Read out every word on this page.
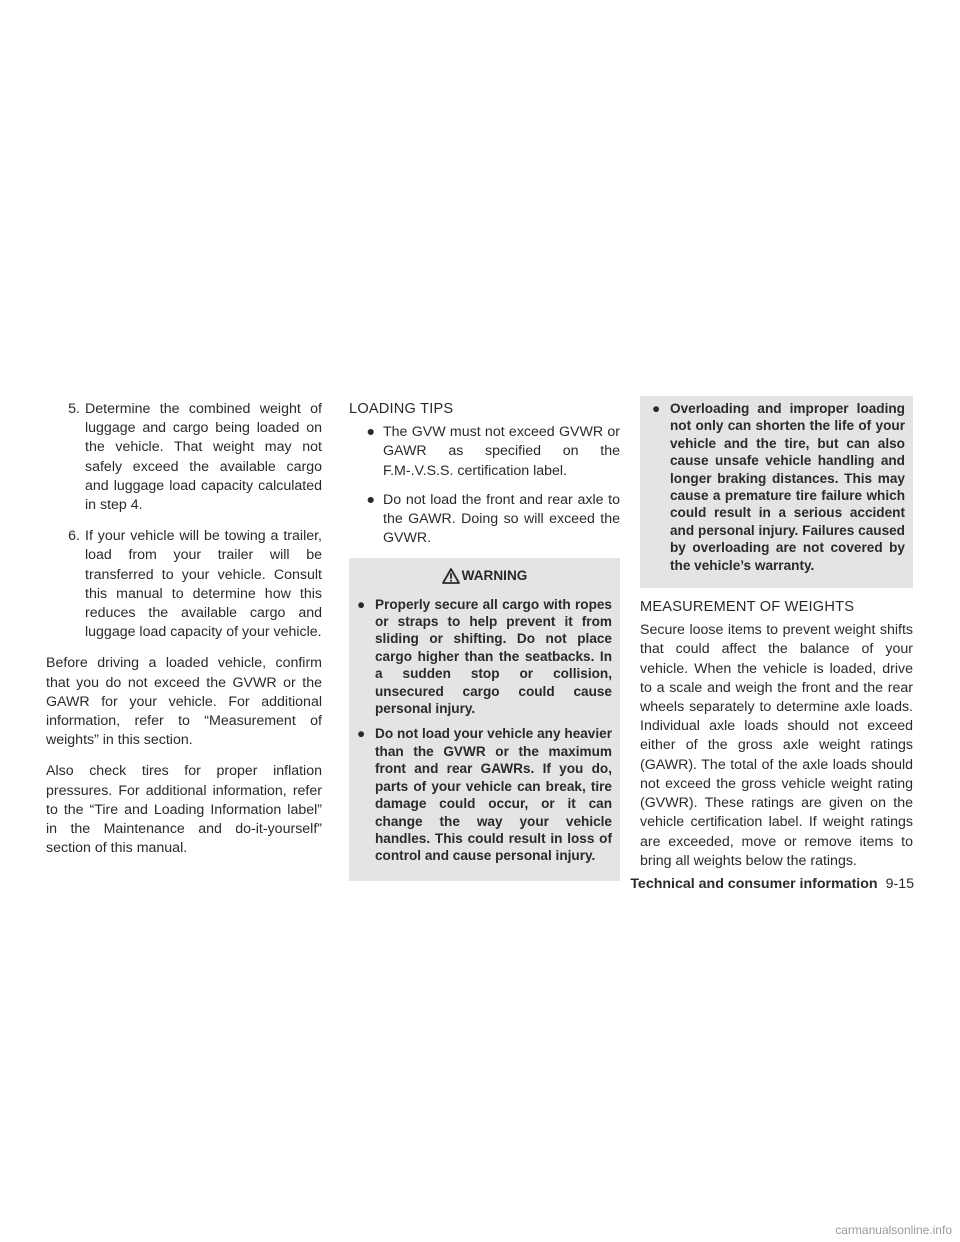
5. Determine the combined weight of luggage and cargo being loaded on the vehicle. That weight may not safely exceed the available cargo and luggage load capacity calculated in step 4.
6. If your vehicle will be towing a trailer, load from your trailer will be transferred to your vehicle. Consult this manual to determine how this reduces the available cargo and luggage load capacity of your vehicle.

Before driving a loaded vehicle, confirm that you do not exceed the GVWR or the GAWR for your vehicle. For additional information, refer to “Measurement of weights” in this section.

Also check tires for proper inflation pressures. For additional information, refer to the “Tire and Loading Information label” in the Maintenance and do-it-yourself” section of this manual.

LOADING TIPS
● The GVW must not exceed GVWR or GAWR as specified on the F.M-.V.S.S. certification label.
● Do not load the front and rear axle to the GAWR. Doing so will exceed the GVWR.
WARNING
● Properly secure all cargo with ropes or straps to help prevent it from sliding or shifting. Do not place cargo higher than the seatbacks. In a sudden stop or collision, unsecured cargo could cause personal injury.
● Do not load your vehicle any heavier than the GVWR or the maximum front and rear GAWRs. If you do, parts of your vehicle can break, tire damage could occur, or it can change the way your vehicle handles. This could result in loss of control and cause personal injury.
● Overloading and improper loading not only can shorten the life of your vehicle and the tire, but can also cause unsafe vehicle handling and longer braking distances. This may cause a premature tire failure which could result in a serious accident and personal injury. Failures caused by overloading are not covered by the vehicle’s warranty.
MEASUREMENT OF WEIGHTS

Secure loose items to prevent weight shifts that could affect the balance of your vehicle. When the vehicle is loaded, drive to a scale and weigh the front and the rear wheels separately to determine axle loads. Individual axle loads should not exceed either of the gross axle weight ratings (GAWR). The total of the axle loads should not exceed the gross vehicle weight rating (GVWR). These ratings are given on the vehicle certification label. If weight ratings are exceeded, move or remove items to bring all weights below the ratings.

Technical and consumer information 9-15
carmanualsonline.info
